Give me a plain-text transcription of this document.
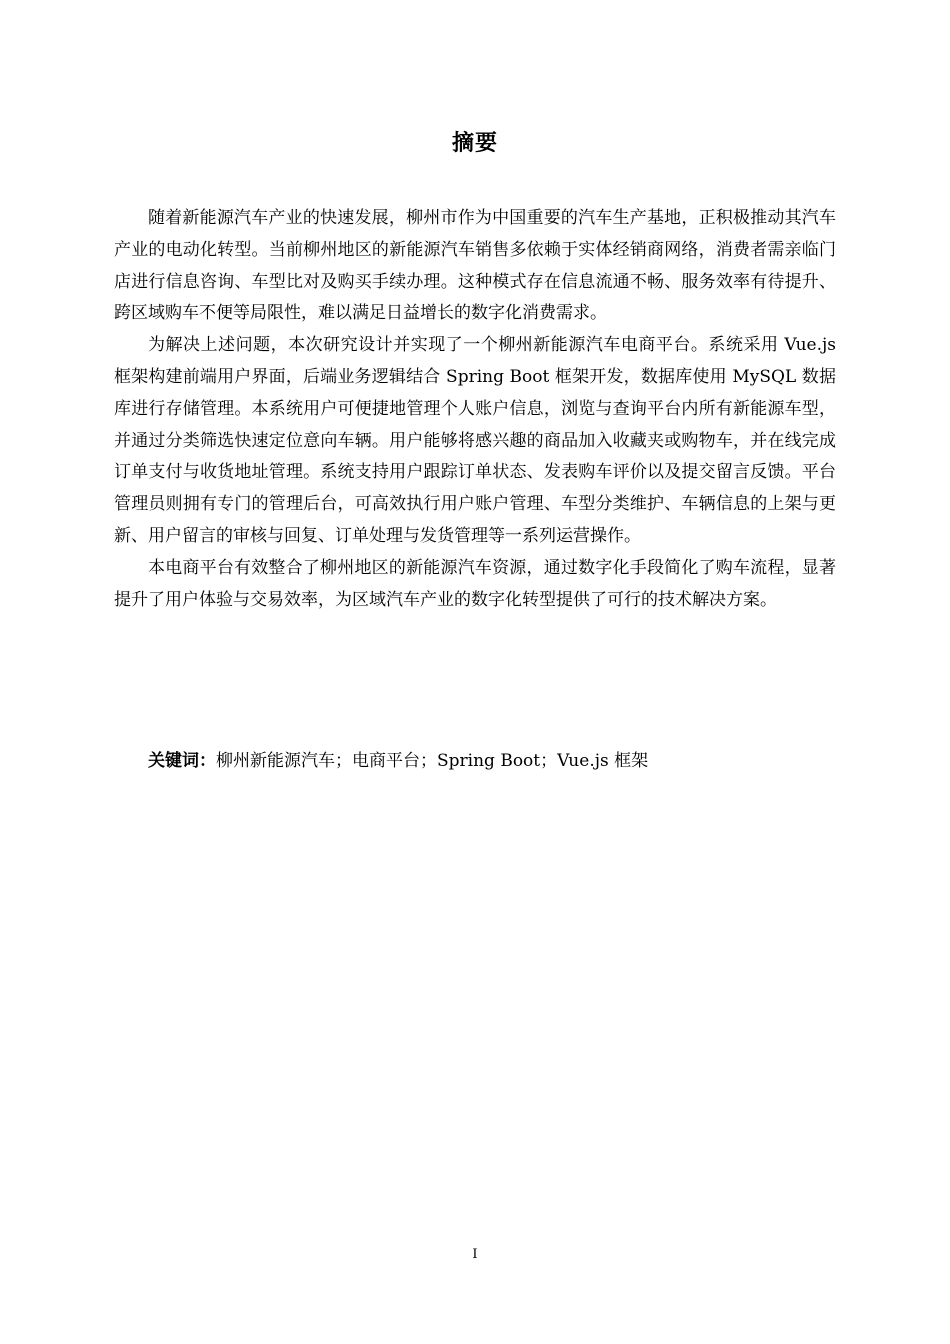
摘要

随着新能源汽车产业的快速发展，柳州市作为中国重要的汽车生产基地，正积极推动其汽车产业的电动化转型。当前柳州地区的新能源汽车销售多依赖于实体经销商网络，消费者需亲临门店进行信息咨询、车型比对及购买手续办理。这种模式存在信息流通不畅、服务效率有待提升、跨区域购车不便等局限性，难以满足日益增长的数字化消费需求。

为解决上述问题，本次研究设计并实现了一个柳州新能源汽车电商平台。系统采用 Vue.js 框架构建前端用户界面，后端业务逻辑结合 Spring Boot 框架开发，数据库使用 MySQL 数据库进行存储管理。本系统用户可便捷地管理个人账户信息，浏览与查询平台内所有新能源车型，并通过分类筛选快速定位意向车辆。用户能够将感兴趣的商品加入收藏夹或购物车，并在线完成订单支付与收货地址管理。系统支持用户跟踪订单状态、发表购车评价以及提交留言反馈。平台管理员则拥有专门的管理后台，可高效执行用户账户管理、车型分类维护、车辆信息的上架与更新、用户留言的审核与回复、订单处理与发货管理等一系列运营操作。

本电商平台有效整合了柳州地区的新能源汽车资源，通过数字化手段简化了购车流程，显著提升了用户体验与交易效率，为区域汽车产业的数字化转型提供了可行的技术解决方案。

关键词：柳州新能源汽车；电商平台；Spring Boot；Vue.js 框架
I
